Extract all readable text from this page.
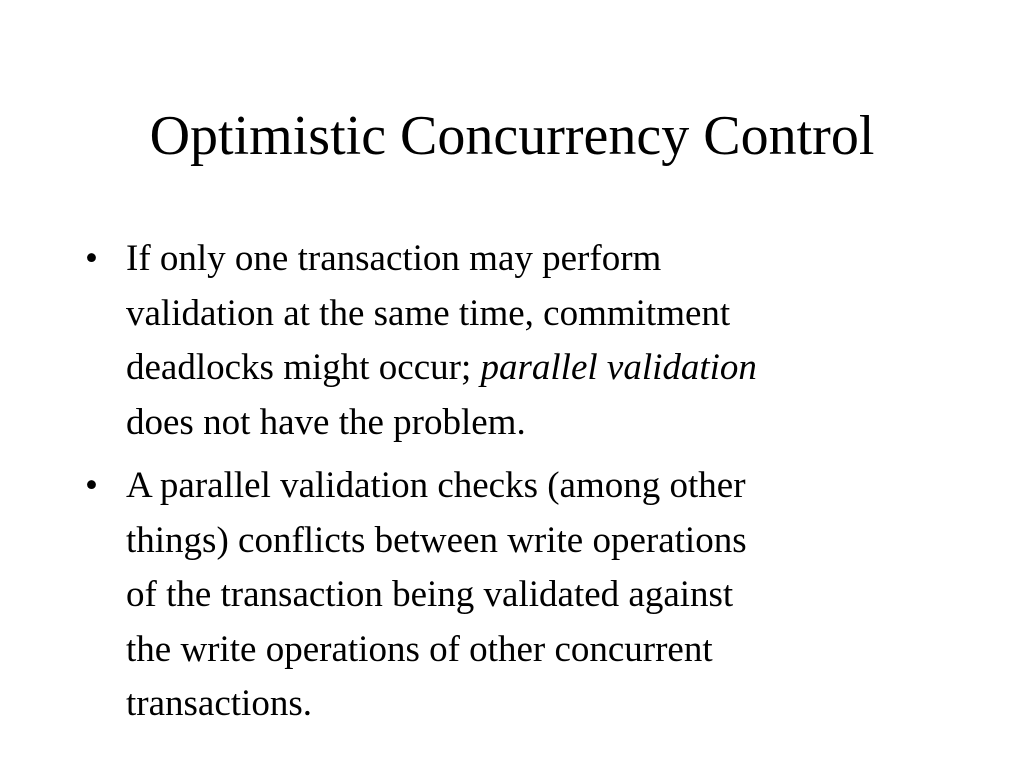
Optimistic Concurrency Control
• If only one transaction may perform
validation at the same time, commitment
deadlocks might occur; parallel validation
does not have the problem.
• A parallel validation checks (among other
things) conflicts between write operations
of the transaction being validated against
the write operations of other concurrent
transactions.
